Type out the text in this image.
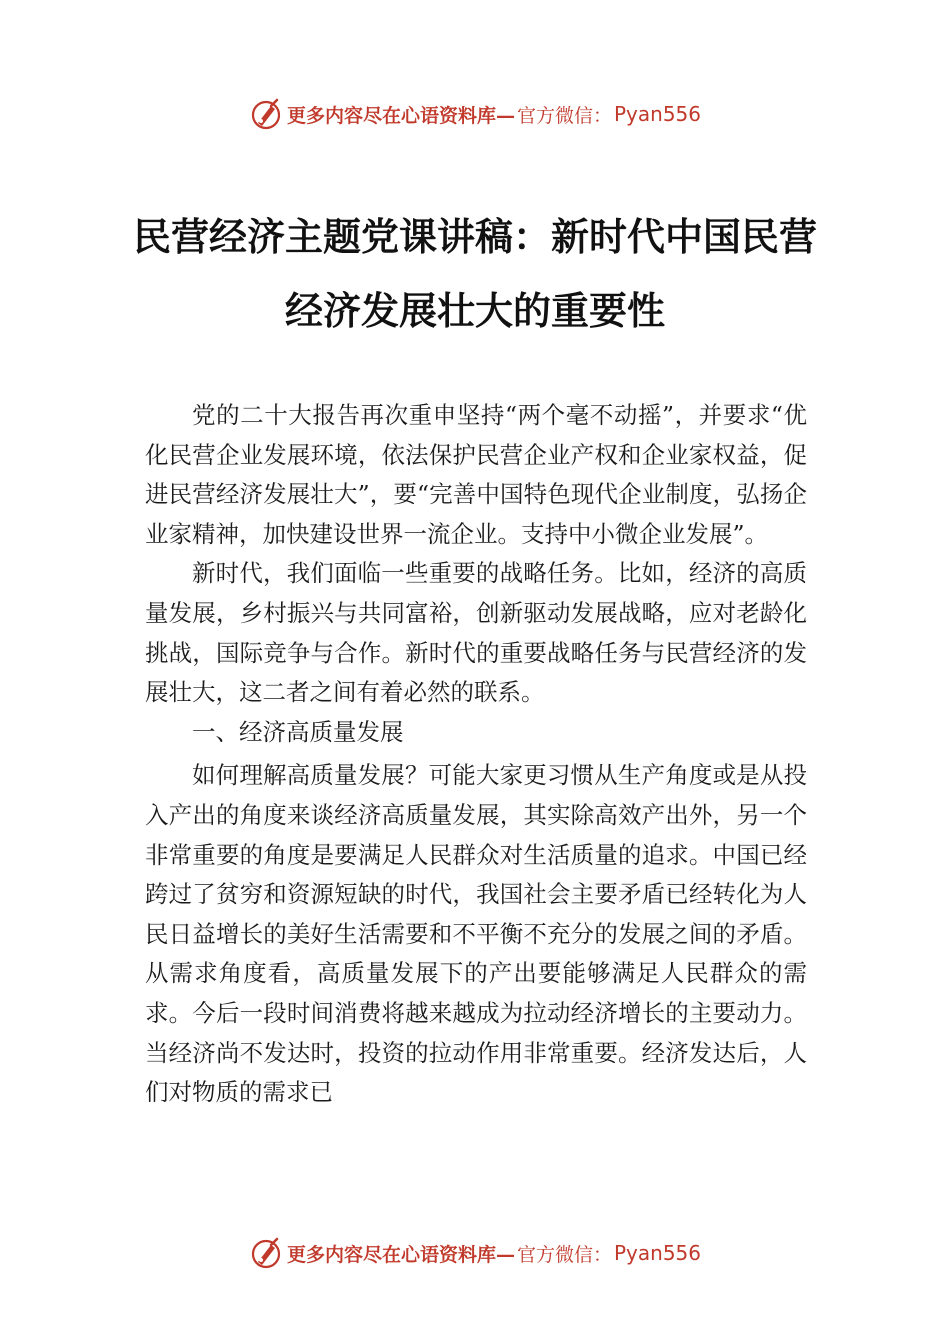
更多内容尽在心语资料库— 官方微信： Pyan556
民营经济主题党课讲稿：新时代中国民营
经济发展壮大的重要性

党的二十大报告再次重申坚持“两个毫不动摇”，并要求“优化民营企业发展环境，依法保护民营企业产权和企业家权益，促进民营经济发展壮大”，要“完善中国特色现代企业制度，弘扬企业家精神，加快建设世界一流企业。支持中小微企业发展”。

新时代，我们面临一些重要的战略任务。比如，经济的高质量发展，乡村振兴与共同富裕，创新驱动发展战略，应对老龄化挑战，国际竞争与合作。新时代的重要战略任务与民营经济的发展壮大，这二者之间有着必然的联系。

一、经济高质量发展

如何理解高质量发展？可能大家更习惯从生产角度或是从投入产出的角度来谈经济高质量发展，其实除高效产出外，另一个非常重要的角度是要满足人民群众对生活质量的追求。中国已经跨过了贫穷和资源短缺的时代，我国社会主要矛盾已经转化为人民日益增长的美好生活需要和不平衡不充分的发展之间的矛盾。从需求角度看，高质量发展下的产出要能够满足人民群众的需求。今后一段时间消费将越来越成为拉动经济增长的主要动力。当经济尚不发达时，投资的拉动作用非常重要。经济发达后，人们对物质的需求已

更多内容尽在心语资料库— 官方微信： Pyan556
